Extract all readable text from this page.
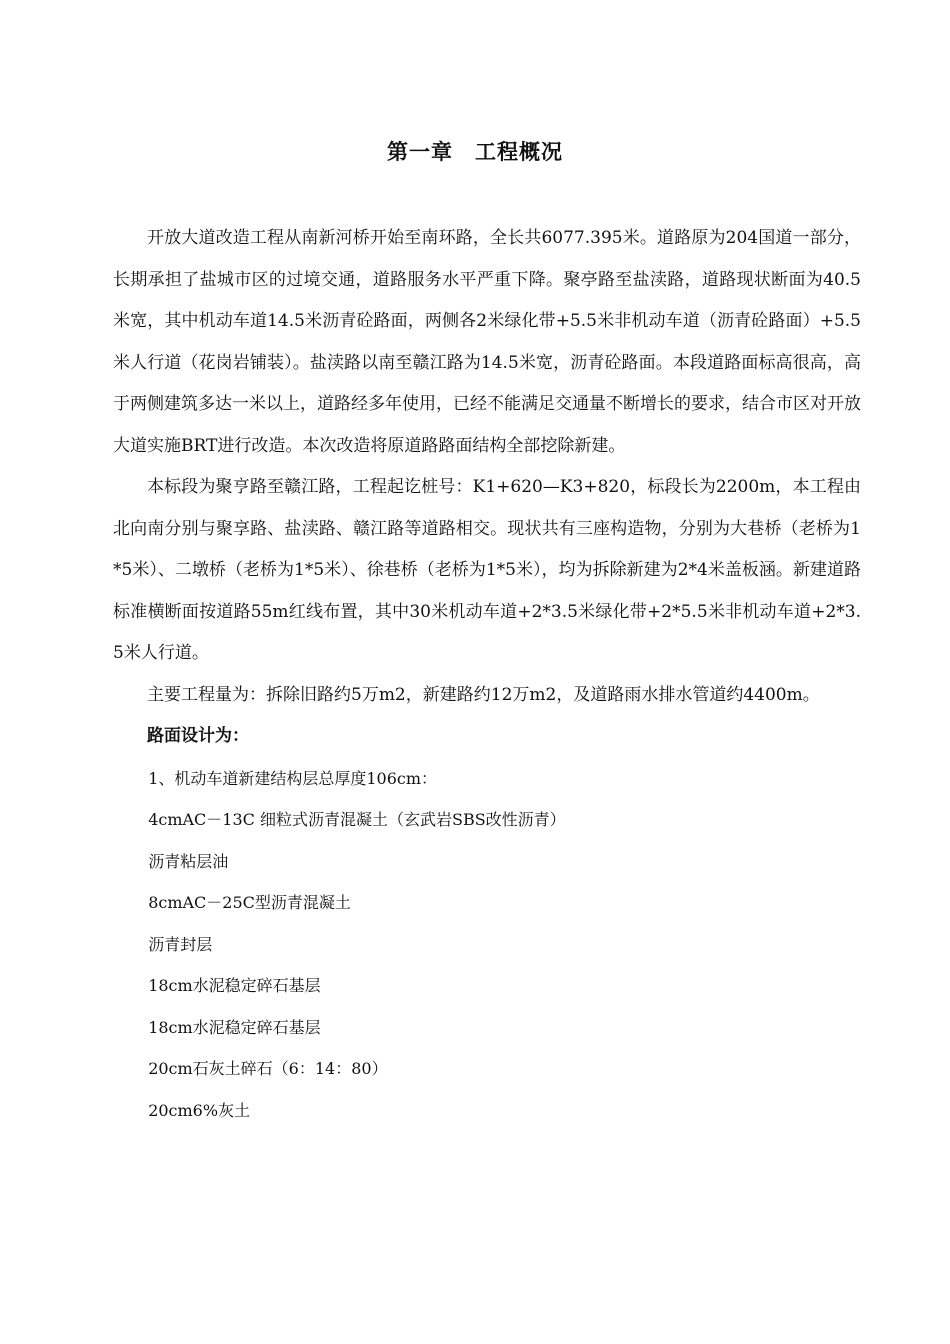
第一章　工程概况

开放大道改造工程从南新河桥开始至南环路，全长共6077.395米。道路原为204国道一部分，长期承担了盐城市区的过境交通，道路服务水平严重下降。聚亭路至盐渎路，道路现状断面为40.5米宽，其中机动车道14.5米沥青砼路面，两侧各2米绿化带+5.5米非机动车道（沥青砼路面）+5.5米人行道（花岗岩铺装）。盐渎路以南至赣江路为14.5米宽，沥青砼路面。本段道路面标高很高，高于两侧建筑多达一米以上，道路经多年使用，已经不能满足交通量不断增长的要求，结合市区对开放大道实施BRT进行改造。本次改造将原道路路面结构全部挖除新建。

本标段为聚亨路至赣江路，工程起讫桩号：K1+620—K3+820，标段长为2200m，本工程由北向南分别与聚享路、盐渎路、赣江路等道路相交。现状共有三座构造物，分别为大巷桥（老桥为1*5米）、二墩桥（老桥为1*5米）、徐巷桥（老桥为1*5米），均为拆除新建为2*4米盖板涵。新建道路标准横断面按道路55m红线布置，其中30米机动车道+2*3.5米绿化带+2*5.5米非机动车道+2*3.5米人行道。

主要工程量为：拆除旧路约5万m2，新建路约12万m2，及道路雨水排水管道约4400m。

路面设计为：

1、机动车道新建结构层总厚度106cm：

4cmAC－13C 细粒式沥青混凝土（玄武岩SBS改性沥青）

沥青粘层油

8cmAC－25C型沥青混凝土

沥青封层

18cm水泥稳定碎石基层

18cm水泥稳定碎石基层

20cm石灰土碎石（6：14：80）

20cm6%灰土
